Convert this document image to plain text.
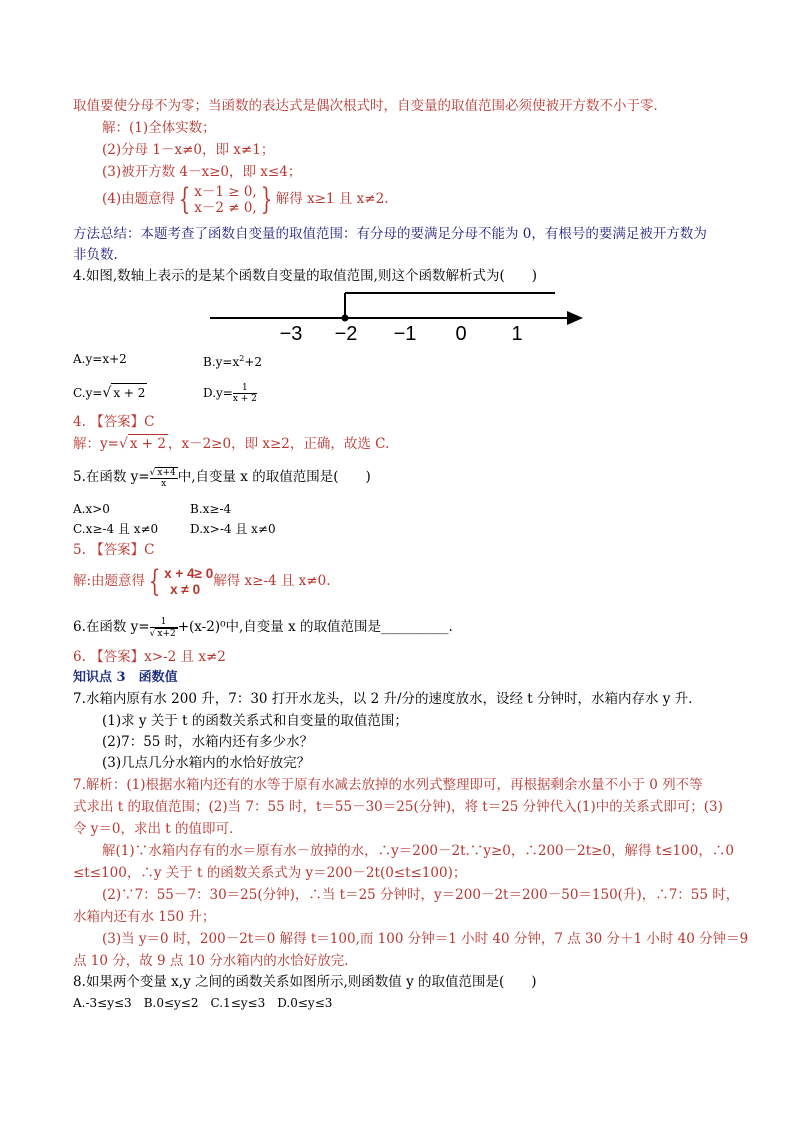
取值要使分母不为零；当函数的表达式是偶次根式时，自变量的取值范围必须使被开方数不小于零．
解：(1)全体实数；
(2)分母 1－x≠0，即 x≠1；
(3)被开方数 4－x≥0，即 x≤4；
(4)由题意得 { x－1 ≥ 0,
x－2 ≠ 0, } 解得 x≥1 且 x≠2.
方法总结：本题考查了函数自变量的取值范围：有分母的要满足分母不能为 0，有根号的要满足被开方数为
非负数.
4.如图,数轴上表示的是某个函数自变量的取值范围,则这个函数解析式为(　　)
−3 −2 −1 0 1
A.y=x+2	$B.y=x^2+2$
C.y=√ x + 2	$D.y= \frac{1}{x + 2}$
4. 【答案】C
解：y=√ x + 2 ，x－2≥0，即 x≥2，正确，故选 C.
5.在函数 $y= \frac{√ x+4}{x}$ 中,自变量 x 的取值范围是(　　)
A.x>0	B.x≥-4
C.x≥-4 且 x≠0	D.x>-4 且 x≠0
5. 【答案】C
解:由题意得 { x + 4≥ 0
x ≠ 0 解得 x≥-4 且 x≠0.
6.在函数 $y= \frac{1}{√ x+2} +(x-2)^0$中,自变量 x 的取值范围是__________.
6. 【答案】x>-2 且 x≠2
知识点 3　函数值
7.水箱内原有水 200 升，7：30 打开水龙头，以 2 升/分的速度放水，设经 t 分钟时，水箱内存水 y 升．
(1)求 y 关于 t 的函数关系式和自变量的取值范围；
(2)7：55 时，水箱内还有多少水？
(3)几点几分水箱内的水恰好放完？
7.解析：(1)根据水箱内还有的水等于原有水减去放掉的水列式整理即可，再根据剩余水量不小于 0 列不等
式求出 t 的取值范围；(2)当 7：55 时，t＝55－30＝25(分钟)，将 t＝25 分钟代入(1)中的关系式即可；(3)
令 y＝0，求出 t 的值即可．
解(1)∵水箱内存有的水＝原有水－放掉的水，∴y＝200－2t.∵y≥0，∴200－2t≥0，解得 t≤100，∴0
≤t≤100，∴y 关于 t 的函数关系式为 y＝200－2t(0≤t≤100)；
(2)∵7：55－7：30＝25(分钟)，∴当 t＝25 分钟时，y＝200－2t＝200－50＝150(升)，∴7：55 时，
水箱内还有水 150 升；
(3)当 y＝0 时，200－2t＝0 解得 t＝100,而 100 分钟＝1 小时 40 分钟，7 点 30 分＋1 小时 40 分钟＝9
点 10 分，故 9 点 10 分水箱内的水恰好放完．
8.如果两个变量 x,y 之间的函数关系如图所示,则函数值 y 的取值范围是(　　)
A.-3≤y≤3　B.0≤y≤2　C.1≤y≤3　D.0≤y≤3
